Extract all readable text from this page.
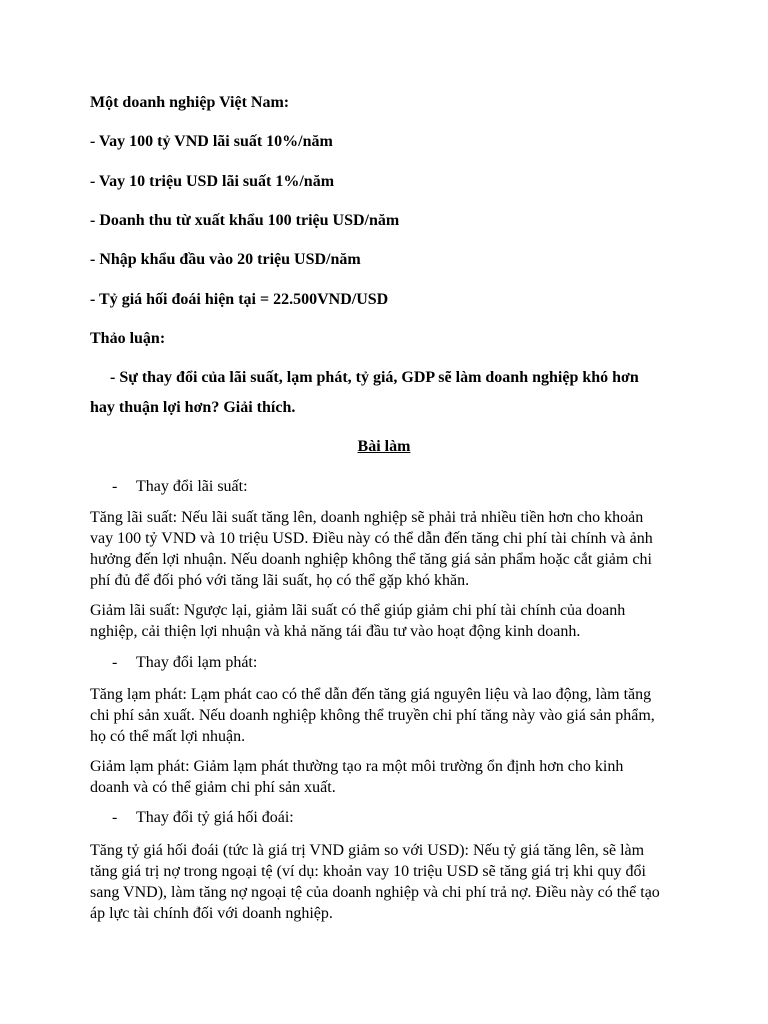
Một doanh nghiệp Việt Nam:
- Vay 100 tỷ VND lãi suất 10%/năm
- Vay 10 triệu USD lãi suất 1%/năm
- Doanh thu từ xuất khẩu 100 triệu USD/năm
- Nhập khẩu đầu vào 20 triệu USD/năm
- Tỷ giá hối đoái hiện tại = 22.500VND/USD
Thảo luận:
- Sự thay đổi của lãi suất, lạm phát, tỷ giá, GDP sẽ làm doanh nghiệp khó hơn
hay thuận lợi hơn? Giải thích.
Bài làm
- Thay đổi lãi suất:
Tăng lãi suất: Nếu lãi suất tăng lên, doanh nghiệp sẽ phải trả nhiều tiền hơn cho khoản
vay 100 tỷ VND và 10 triệu USD. Điều này có thể dẫn đến tăng chi phí tài chính và ảnh
hưởng đến lợi nhuận. Nếu doanh nghiệp không thể tăng giá sản phẩm hoặc cắt giảm chi
phí đủ để đối phó với tăng lãi suất, họ có thể gặp khó khăn.
Giảm lãi suất: Ngược lại, giảm lãi suất có thể giúp giảm chi phí tài chính của doanh
nghiệp, cải thiện lợi nhuận và khả năng tái đầu tư vào hoạt động kinh doanh.
- Thay đổi lạm phát:
Tăng lạm phát: Lạm phát cao có thể dẫn đến tăng giá nguyên liệu và lao động, làm tăng
chi phí sản xuất. Nếu doanh nghiệp không thể truyền chi phí tăng này vào giá sản phẩm,
họ có thể mất lợi nhuận.
Giảm lạm phát: Giảm lạm phát thường tạo ra một môi trường ổn định hơn cho kinh
doanh và có thể giảm chi phí sản xuất.
- Thay đổi tỷ giá hối đoái:
Tăng tỷ giá hối đoái (tức là giá trị VND giảm so với USD): Nếu tỷ giá tăng lên, sẽ làm
tăng giá trị nợ trong ngoại tệ (ví dụ: khoản vay 10 triệu USD sẽ tăng giá trị khi quy đổi
sang VND), làm tăng nợ ngoại tệ của doanh nghiệp và chi phí trả nợ. Điều này có thể tạo
áp lực tài chính đối với doanh nghiệp.
